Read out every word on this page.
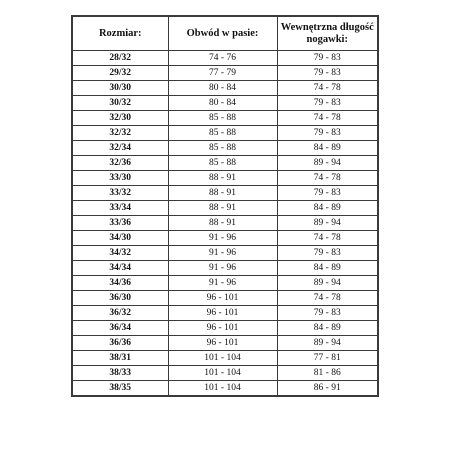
Rozmiar:	Obwód w pasie:	Wewnętrzna długość nogawki:
28/32	74 - 76	79 - 83
29/32	77 - 79	79 - 83
30/30	80 - 84	74 - 78
30/32	80 - 84	79 - 83
32/30	85 - 88	74 - 78
32/32	85 - 88	79 - 83
32/34	85 - 88	84 - 89
32/36	85 - 88	89 - 94
33/30	88 - 91	74 - 78
33/32	88 - 91	79 - 83
33/34	88 - 91	84 - 89
33/36	88 - 91	89 - 94
34/30	91 - 96	74 - 78
34/32	91 - 96	79 - 83
34/34	91 - 96	84 - 89
34/36	91 - 96	89 - 94
36/30	96 - 101	74 - 78
36/32	96 - 101	79 - 83
36/34	96 - 101	84 - 89
36/36	96 - 101	89 - 94
38/31	101 - 104	77 - 81
38/33	101 - 104	81 - 86
38/35	101 - 104	86 - 91
